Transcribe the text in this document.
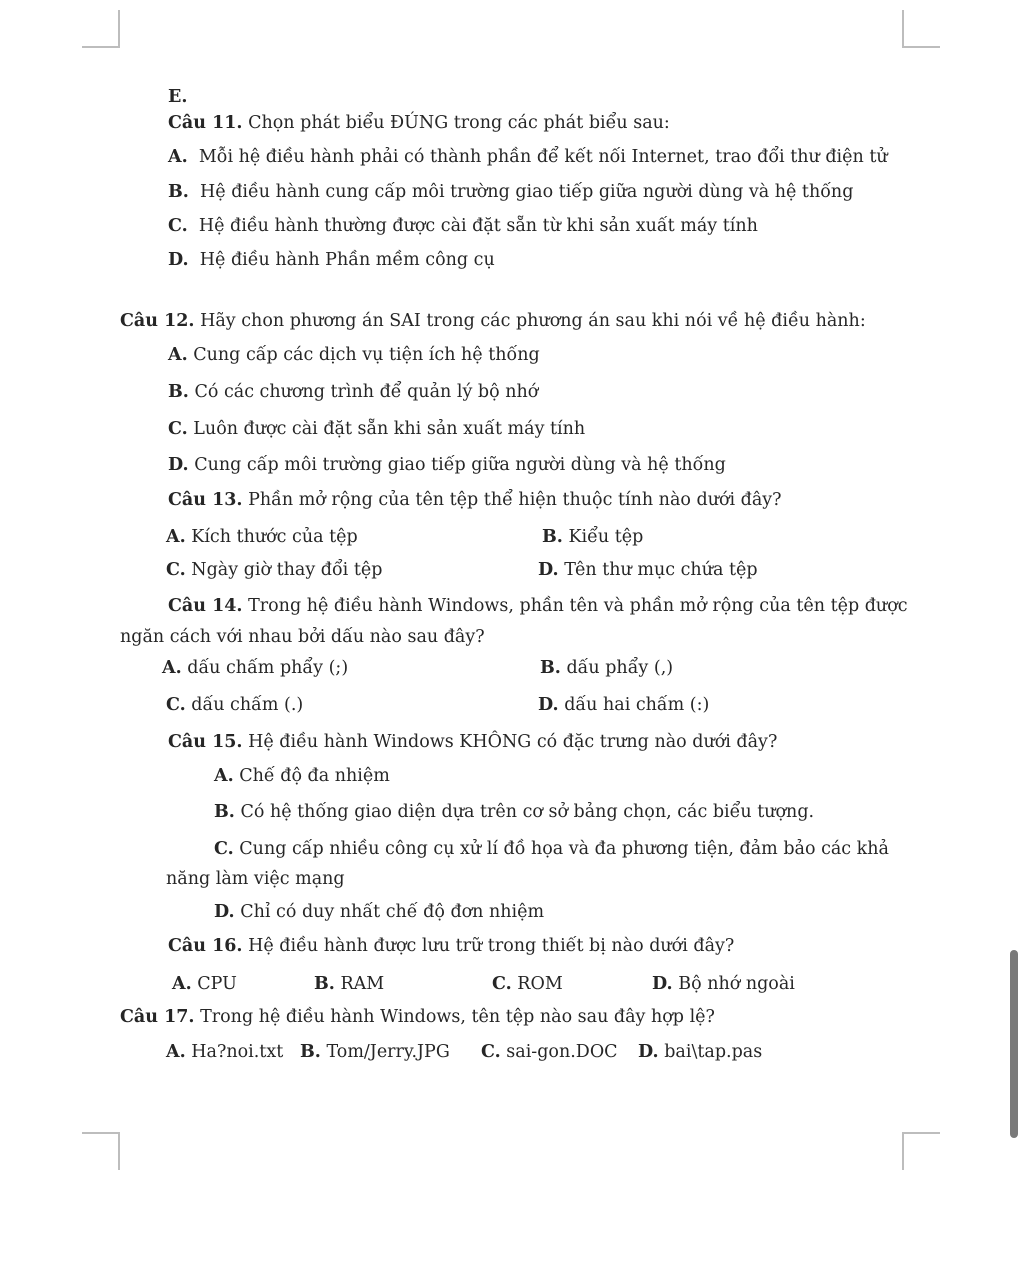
E.
Câu 11. Chọn phát biểu ĐÚNG trong các phát biểu sau:
A. Mỗi hệ điều hành phải có thành phần để kết nối Internet, trao đổi thư điện tử
B. Hệ điều hành cung cấp môi trường giao tiếp giữa người dùng và hệ thống
C. Hệ điều hành thường được cài đặt sẵn từ khi sản xuất máy tính
D. Hệ điều hành Phần mềm công cụ
Câu 12. Hãy chon phương án SAI trong các phương án sau khi nói về hệ điều hành:
A. Cung cấp các dịch vụ tiện ích hệ thống
B. Có các chương trình để quản lý bộ nhớ
C. Luôn được cài đặt sẵn khi sản xuất máy tính
D. Cung cấp môi trường giao tiếp giữa người dùng và hệ thống
Câu 13. Phần mở rộng của tên tệp thể hiện thuộc tính nào dưới đây?
A. Kích thước của tệp	B. Kiểu tệp
C. Ngày giờ thay đổi tệp	D. Tên thư mục chứa tệp
Câu 14. Trong hệ điều hành Windows, phần tên và phần mở rộng của tên tệp được
ngăn cách với nhau bởi dấu nào sau đây?
A. dấu chấm phẩy (;)	B. dấu phẩy (,)
C. dấu chấm (.)	D. dấu hai chấm (:)
Câu 15. Hệ điều hành Windows KHÔNG có đặc trưng nào dưới đây?
A. Chế độ đa nhiệm
B. Có hệ thống giao diện dựa trên cơ sở bảng chọn, các biểu tượng.
C. Cung cấp nhiều công cụ xử lí đồ họa và đa phương tiện, đảm bảo các khả
năng làm việc mạng
D. Chỉ có duy nhất chế độ đơn nhiệm
Câu 16. Hệ điều hành được lưu trữ trong thiết bị nào dưới đây?
A. CPU	B. RAM	C. ROM	D. Bộ nhớ ngoài
Câu 17. Trong hệ điều hành Windows, tên tệp nào sau đây hợp lệ?
A. Ha?noi.txt B. Tom/Jerry.JPG C. sai-gon.DOC D. bai\tap.pas
